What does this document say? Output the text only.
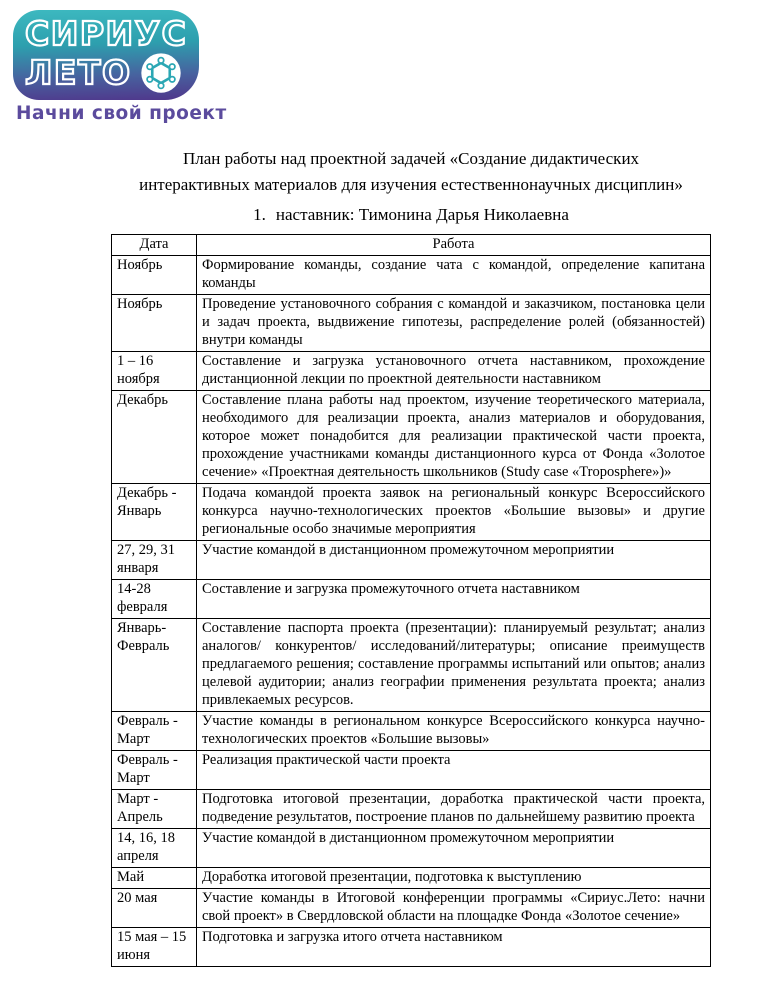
СИРИУС
ЛЕТО
Начни свой проект
План работы над проектной задачей «Создание дидактических
интерактивных материалов для изучения естественнонаучных дисциплин»
1. наставник: Тимонина Дарья Николаевна
Дата	Работа
Ноябрь	Формирование команды, создание чата с командой, определение капитана команды
Ноябрь	Проведение установочного собрания с командой и заказчиком, постановка цели и задач проекта, выдвижение гипотезы, распределение ролей (обязанностей) внутри команды
1 – 16 ноября	Составление и загрузка установочного отчета наставником, прохождение дистанционной лекции по проектной деятельности наставником
Декабрь	Составление плана работы над проектом, изучение теоретического материала, необходимого для реализации проекта, анализ материалов и оборудования, которое может понадобится для реализации практической части проекта, прохождение участниками команды дистанционного курса от Фонда «Золотое сечение» «Проектная деятельность школьников (Study case «Troposphere»)»
Декабрь - Январь	Подача командой проекта заявок на региональный конкурс Всероссийского конкурса научно-технологических проектов «Большие вызовы» и другие региональные особо значимые мероприятия
27, 29, 31 января	Участие командой в дистанционном промежуточном мероприятии
14-28 февраля	Составление и загрузка промежуточного отчета наставником
Январь-Февраль	Составление паспорта проекта (презентации): планируемый результат; анализ аналогов/ конкурентов/ исследований/литературы; описание преимуществ предлагаемого решения; составление программы испытаний или опытов; анализ целевой аудитории; анализ географии применения результата проекта; анализ привлекаемых ресурсов.
Февраль - Март	Участие команды в региональном конкурсе Всероссийского конкурса научно-технологических проектов «Большие вызовы»
Февраль - Март	Реализация практической части проекта
Март - Апрель	Подготовка итоговой презентации, доработка практической части проекта, подведение результатов, построение планов по дальнейшему развитию проекта
14, 16, 18 апреля	Участие командой в дистанционном промежуточном мероприятии
Май	Доработка итоговой презентации, подготовка к выступлению
20 мая	Участие команды в Итоговой конференции программы «Сириус.Лето: начни свой проект» в Свердловской области на площадке Фонда «Золотое сечение»
15 мая – 15 июня	Подготовка и загрузка итого отчета наставником
